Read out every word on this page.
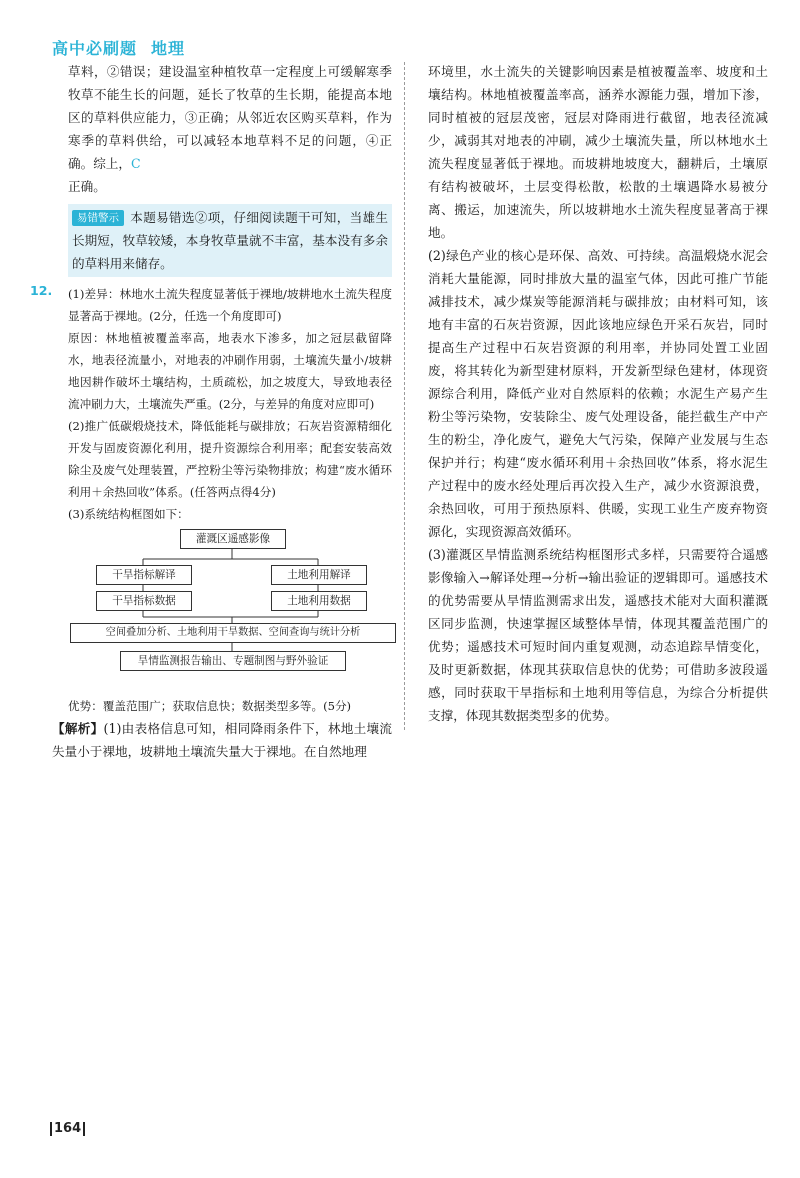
高中必刷题 地理

草料，②错误；建设温室种植牧草一定程度上可缓解寒季牧草不能生长的问题，延长了牧草的生长期，能提高本地区的草料供应能力，③正确；从邻近农区购买草料，作为寒季的草料供给，可以减轻本地草料不足的问题，④正确。综上，C
正确。

易错警示 本题易错选②项，仔细阅读题干可知，当雄生长期短，牧草较矮，本身牧草量就不丰富，基本没有多余的草料用来储存。
12. (1)差异：林地水土流失程度显著低于裸地/坡耕地水土流失程度显著高于裸地。(2分，任选一个角度即可)

原因：林地植被覆盖率高，地表水下渗多，加之冠层截留降水，地表径流量小，对地表的冲刷作用弱，土壤流失量小/坡耕地因耕作破坏土壤结构，土质疏松，加之坡度大，导致地表径流冲刷力大，土壤流失严重。(2分，与差异的角度对应即可)

(2)推广低碳煅烧技术，降低能耗与碳排放；石灰岩资源精细化开发与固废资源化利用，提升资源综合利用率；配套安装高效除尘及废气处理装置，严控粉尘等污染物排放；构建“废水循环利用＋余热回收”体系。(任答两点得4分)

(3)系统结构框图如下：

灌溉区遥感影像
干旱指标解译	土地利用解译
干旱指标数据	土地利用数据
空间叠加分析、土地利用干旱数据、空间查询与统计分析
旱情监测报告输出、专题制图与野外验证

优势：覆盖范围广；获取信息快；数据类型多等。(5分)

【解析】(1)由表格信息可知，相同降雨条件下，林地土壤流失量小于裸地，坡耕地土壤流失量大于裸地。在自然地理

环境里，水土流失的关键影响因素是植被覆盖率、坡度和土壤结构。林地植被覆盖率高，涵养水源能力强，增加下渗，同时植被的冠层茂密，冠层对降雨进行截留，地表径流减少，减弱其对地表的冲刷，减少土壤流失量，所以林地水土流失程度显著低于裸地。而坡耕地坡度大，翻耕后，土壤原有结构被破坏，土层变得松散，松散的土壤遇降水易被分离、搬运，加速流失，所以坡耕地水土流失程度显著高于裸地。

(2)绿色产业的核心是环保、高效、可持续。高温煅烧水泥会消耗大量能源，同时排放大量的温室气体，因此可推广节能减排技术，减少煤炭等能源消耗与碳排放；由材料可知，该地有丰富的石灰岩资源，因此该地应绿色开采石灰岩，同时提高生产过程中石灰岩资源的利用率，并协同处置工业固废，将其转化为新型建材原料，开发新型绿色建材，体现资源综合利用，降低产业对自然原料的依赖；水泥生产易产生粉尘等污染物，安装除尘、废气处理设备，能拦截生产中产生的粉尘，净化废气，避免大气污染，保障产业发展与生态保护并行；构建“废水循环利用＋余热回收”体系，将水泥生产过程中的废水经处理后再次投入生产，减少水资源浪费，余热回收，可用于预热原料、供暖，实现工业生产废弃物资源化，实现资源高效循环。

(3)灌溉区旱情监测系统结构框图形式多样，只需要符合遥感影像输入→解译处理→分析→输出验证的逻辑即可。遥感技术的优势需要从旱情监测需求出发，遥感技术能对大面积灌溉区同步监测，快速掌握区域整体旱情，体现其覆盖范围广的优势；遥感技术可短时间内重复观测，动态追踪旱情变化，及时更新数据，体现其获取信息快的优势；可借助多波段遥感，同时获取干旱指标和土地利用等信息，为综合分析提供支撑，体现其数据类型多的优势。

164
